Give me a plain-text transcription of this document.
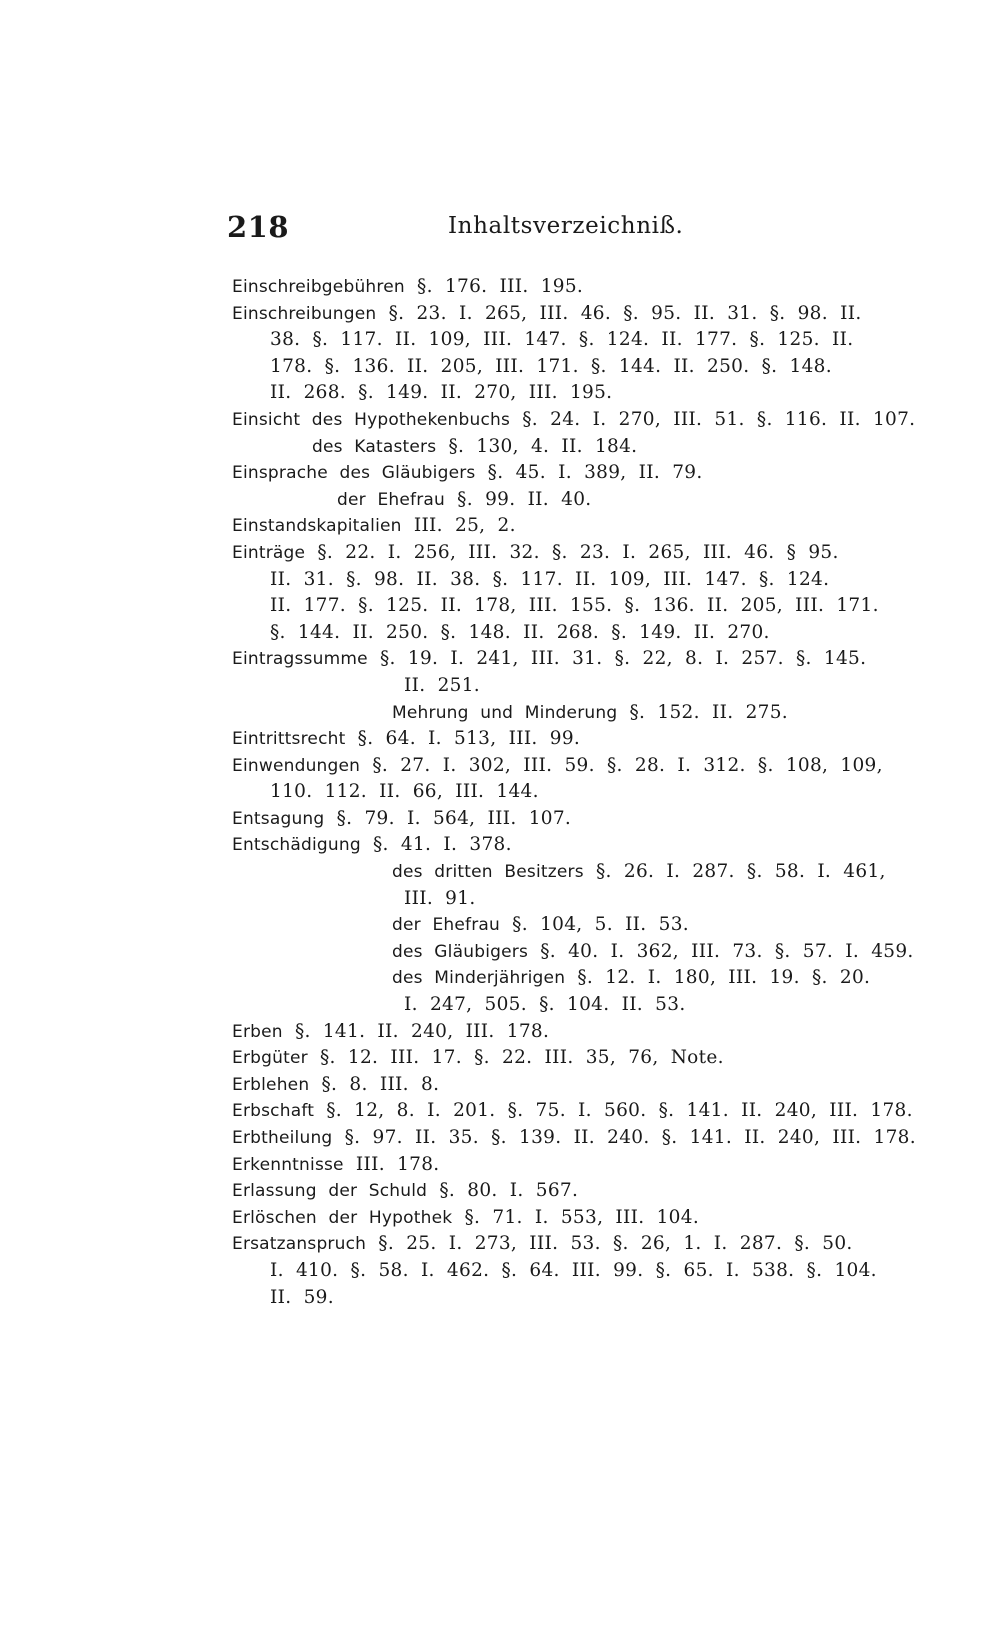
218	Inhaltsverzeichniß.
Einschreibgebühren §. 176. III. 195.
Einschreibungen §. 23. I. 265, III. 46. §. 95. II. 31. §. 98. II.
38. §. 117. II. 109, III. 147. §. 124. II. 177. §. 125. II.
178. §. 136. II. 205, III. 171. §. 144. II. 250. §. 148.
II. 268. §. 149. II. 270, III. 195.
Einsicht des Hypothekenbuchs §. 24. I. 270, III. 51. §. 116. II. 107.
des Katasters §. 130, 4. II. 184.
Einsprache des Gläubigers §. 45. I. 389, II. 79.
der Ehefrau §. 99. II. 40.
Einstandskapitalien III. 25, 2.
Einträge §. 22. I. 256, III. 32. §. 23. I. 265, III. 46. § 95.
II. 31. §. 98. II. 38. §. 117. II. 109, III. 147. §. 124.
II. 177. §. 125. II. 178, III. 155. §. 136. II. 205, III. 171.
§. 144. II. 250. §. 148. II. 268. §. 149. II. 270.
Eintragssumme §. 19. I. 241, III. 31. §. 22, 8. I. 257. §. 145.
II. 251.
Mehrung und Minderung §. 152. II. 275.
Eintrittsrecht §. 64. I. 513, III. 99.
Einwendungen §. 27. I. 302, III. 59. §. 28. I. 312. §. 108, 109,
110. 112. II. 66, III. 144.
Entsagung §. 79. I. 564, III. 107.
Entschädigung §. 41. I. 378.
des dritten Besitzers §. 26. I. 287. §. 58. I. 461,
III. 91.
der Ehefrau §. 104, 5. II. 53.
des Gläubigers §. 40. I. 362, III. 73. §. 57. I. 459.
des Minderjährigen §. 12. I. 180, III. 19. §. 20.
I. 247, 505. §. 104. II. 53.
Erben §. 141. II. 240, III. 178.
Erbgüter §. 12. III. 17. §. 22. III. 35, 76, Note.
Erblehen §. 8. III. 8.
Erbschaft §. 12, 8. I. 201. §. 75. I. 560. §. 141. II. 240, III. 178.
Erbtheilung §. 97. II. 35. §. 139. II. 240. §. 141. II. 240, III. 178.
Erkenntnisse III. 178.
Erlassung der Schuld §. 80. I. 567.
Erlöschen der Hypothek §. 71. I. 553, III. 104.
Ersatzanspruch §. 25. I. 273, III. 53. §. 26, 1. I. 287. §. 50.
I. 410. §. 58. I. 462. §. 64. III. 99. §. 65. I. 538. §. 104.
II. 59.
